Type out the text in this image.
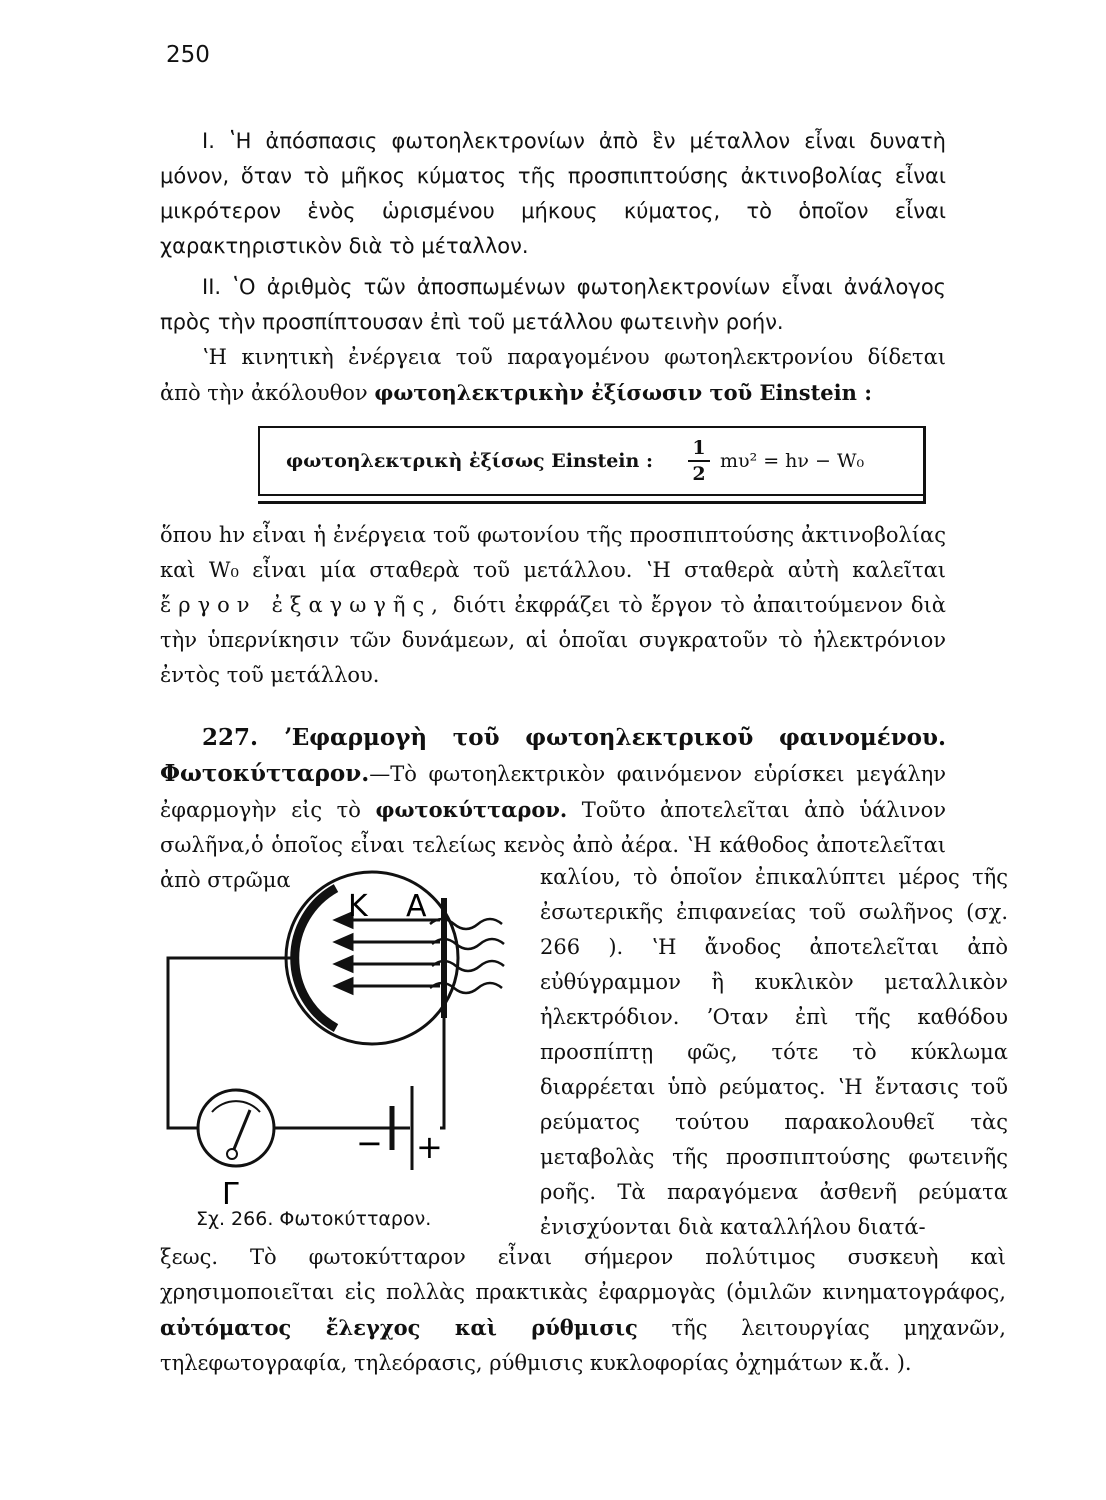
250

I. ʽΗ ἀπόσπασις φωτοηλεκτρονίων ἀπὸ ἓν μέταλλον εἶναι δυνατὴ μόνον, ὅταν τὸ μῆκος κύματος τῆς προσπιπτούσης ἀκτινοβολίας εἶναι μικρότερον ἑνὸς ὡρισμένου μήκους κύματος, τὸ ὁποῖον εἶναι χαρακτηριστικὸν διὰ τὸ μέταλλον.

II. ʽΟ ἀριθμὸς τῶν ἀποσπωμένων φωτοηλεκτρονίων εἶναι ἀνάλογος πρὸς τὴν προσπίπτουσαν ἐπὶ τοῦ μετάλλου φωτεινὴν ροήν.

ʽΗ κινητικὴ ἐνέργεια τοῦ παραγομένου φωτοηλεκτρονίου δίδεται ἀπὸ τὴν ἀκόλουθον φωτοηλεκτρικὴν ἐξίσωσιν τοῦ Einstein :

φωτοηλεκτρικὴ ἐξίσως Einstein : $\frac{1}{2} m\upsilon^2 = h\nu - W_0$

ὅπου hν εἶναι ἡ ἐνέργεια τοῦ φωτονίου τῆς προσπιπτούσης ἀκτινοβολίας καὶ W₀ εἶναι μία σταθερὰ τοῦ μετάλλου. ʽΗ σταθερὰ αὐτὴ καλεῖται ἔργον ἐξαγωγῆς, διότι ἐκφράζει τὸ ἔργον τὸ ἀπαιτούμενον διὰ τὴν ὑπερνίκησιν τῶν δυνάμεων, αἱ ὁποῖαι συγκρατοῦν τὸ ἠλεκτρόνιον ἐντὸς τοῦ μετάλλου.

227. ʼΕφαρμογὴ τοῦ φωτοηλεκτρικοῦ φαινομένου. Φωτοκύτταρον.—Τὸ φωτοηλεκτρικὸν φαινόμενον εὑρίσκει μεγάλην ἐφαρμογὴν εἰς τὸ φωτοκύτταρον. Τοῦτο ἀποτελεῖται ἀπὸ ὑάλινον σωλῆνα,ὁ ὁποῖος εἶναι τελείως κενὸς ἀπὸ ἀέρα. ʽΗ κάθοδος ἀποτελεῖται ἀπὸ στρῶμα

K A
− +
Γ
Σχ. 266. Φωτοκύτταρον.

καλίου, τὸ ὁποῖον ἐπικαλύπτει μέρος τῆς ἐσωτερικῆς ἐπιφανείας τοῦ σωλῆνος (σχ. 266 ). ʽΗ ἄνοδος ἀποτελεῖται ἀπὸ εὐθύγραμμον ἢ κυκλικὸν μεταλλικὸν ἠλεκτρόδιον. ʼΟταν ἐπὶ τῆς καθόδου προσπίπτῃ φῶς, τότε τὸ κύκλωμα διαρρέεται ὑπὸ ρεύματος. ʽΗ ἔντασις τοῦ ρεύματος τούτου παρακολουθεῖ τὰς μεταβολὰς τῆς προσπιπτούσης φωτεινῆς ροῆς. Τὰ παραγόμενα ἀσθενῆ ρεύματα ἐνισχύονται διὰ καταλλήλου διατά-

ξεως. Τὸ φωτοκύτταρον εἶναι σήμερον πολύτιμος συσκευὴ καὶ χρησιμοποιεῖται εἰς πολλὰς πρακτικὰς ἐφαρμογὰς (ὁμιλῶν κινηματογράφος, αὐτόματος ἔλεγχος καὶ ρύθμισις τῆς λειτουργίας μηχανῶν, τηλεφωτογραφία, τηλεόρασις, ρύθμισις κυκλοφορίας ὀχημάτων κ.ἄ. ).
